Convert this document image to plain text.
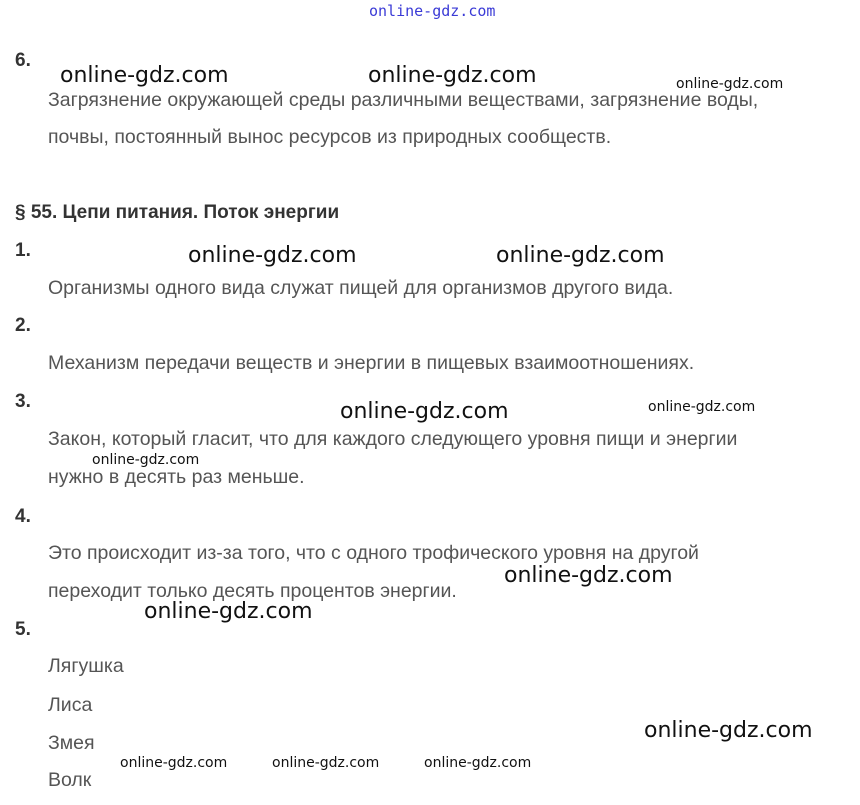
online-gdz.com
6.
Загрязнение окружающей среды различными веществами, загрязнение воды,
почвы, постоянный вынос ресурсов из природных сообществ.
§ 55. Цепи питания. Поток энергии
1.
Организмы одного вида служат пищей для организмов другого вида.
2.
Механизм передачи веществ и энергии в пищевых взаимоотношениях.
3.
Закон, который гласит, что для каждого следующего уровня пищи и энергии
нужно в десять раз меньше.
4.
Это происходит из-за того, что с одного трофического уровня на другой
переходит только десять процентов энергии.
5.
Лягушка
Лиса
Змея
Волк
online-gdz.com	online-gdz.com	online-gdz.com
online-gdz.com	online-gdz.com
online-gdz.com	online-gdz.com
online-gdz.com
online-gdz.com
online-gdz.com
online-gdz.com
online-gdz.com	online-gdz.com	online-gdz.com
